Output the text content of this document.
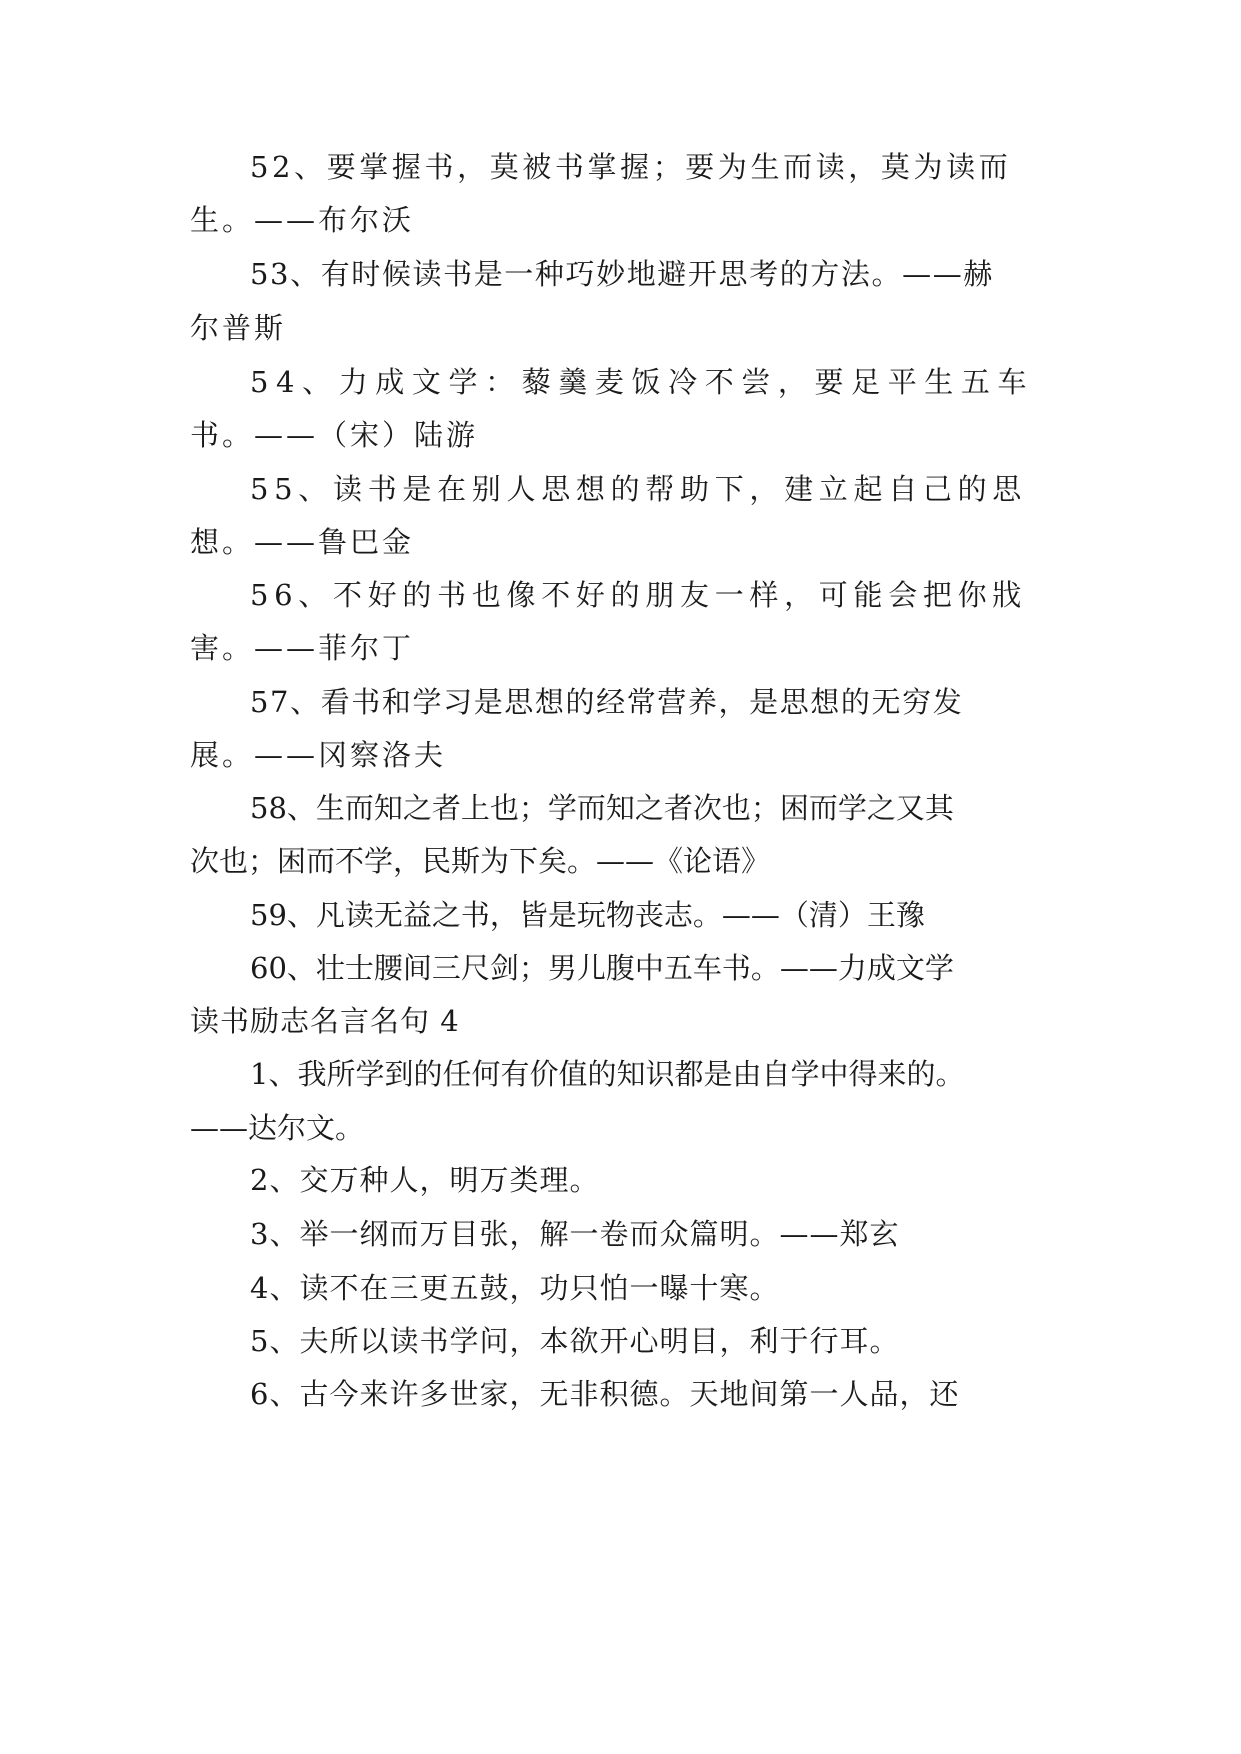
52、要掌握书，莫被书掌握；要为生而读，莫为读而
生。——布尔沃
53、有时候读书是一种巧妙地避开思考的方法。——赫
尔普斯
54、力成文学：藜羹麦饭冷不尝，要足平生五车
书。——（宋）陆游
55、读书是在别人思想的帮助下，建立起自己的思
想。——鲁巴金
56、不好的书也像不好的朋友一样，可能会把你戕
害。——菲尔丁
57、看书和学习是思想的经常营养，是思想的无穷发
展。——冈察洛夫
58、生而知之者上也；学而知之者次也；困而学之又其
次也；困而不学，民斯为下矣。——《论语》
59、凡读无益之书，皆是玩物丧志。——（清）王豫
60、壮士腰间三尺剑；男儿腹中五车书。——力成文学
读书励志名言名句 4
1、我所学到的任何有价值的知识都是由自学中得来的。
——达尔文。
2、交万种人，明万类理。
3、举一纲而万目张，解一卷而众篇明。——郑玄
4、读不在三更五鼓，功只怕一曝十寒。
5、夫所以读书学问，本欲开心明目，利于行耳。
6、古今来许多世家，无非积德。天地间第一人品，还
